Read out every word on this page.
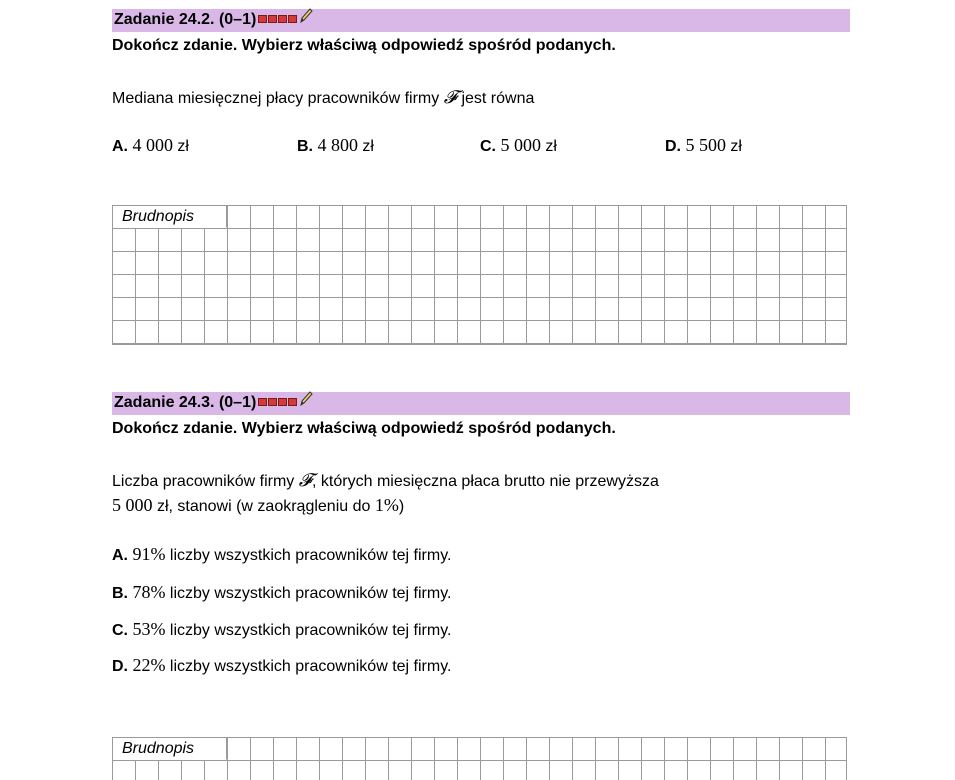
Zadanie 24.2. (0–1)
Dokończ zdanie. Wybierz właściwą odpowiedź spośród podanych.
Mediana miesięcznej płacy pracowników firmy 𝓕 jest równa
A. 4 000 zł	B. 4 800 zł	C. 5 000 zł	D. 5 500 zł
Brudnopis
Zadanie 24.3. (0–1)
Dokończ zdanie. Wybierz właściwą odpowiedź spośród podanych.
Liczba pracowników firmy 𝓕, których miesięczna płaca brutto nie przewyższa
5 000 zł, stanowi (w zaokrągleniu do 1%)
A. 91% liczby wszystkich pracowników tej firmy.
B. 78% liczby wszystkich pracowników tej firmy.
C. 53% liczby wszystkich pracowników tej firmy.
D. 22% liczby wszystkich pracowników tej firmy.
Brudnopis
